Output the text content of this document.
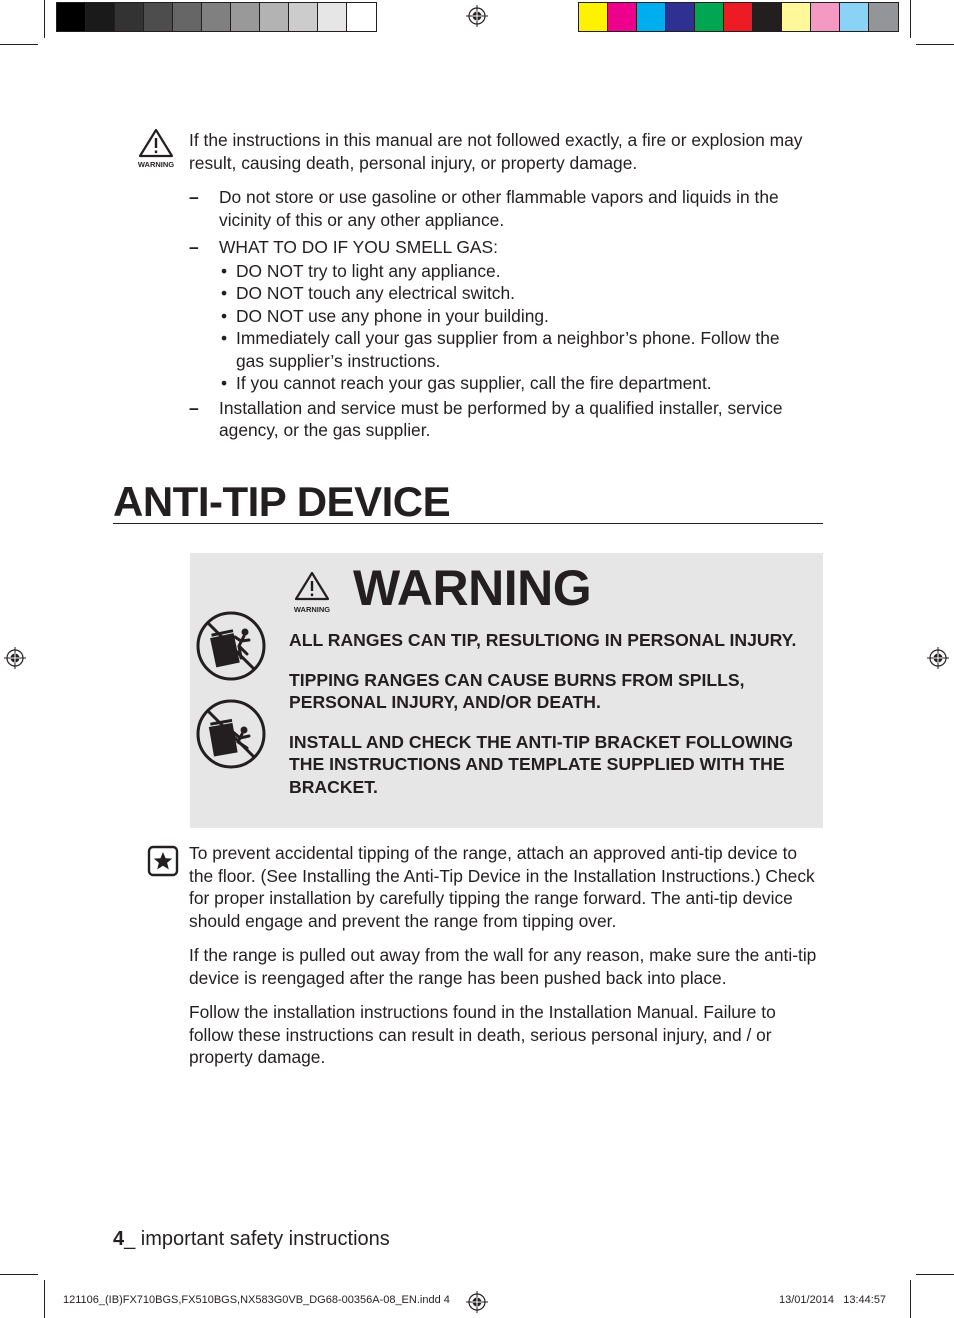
WARNING

If the instructions in this manual are not followed exactly, a fire or explosion may result, causing death, personal injury, or property damage.

– Do not store or use gasoline or other flammable vapors and liquids in the vicinity of this or any other appliance.
– WHAT TO DO IF YOU SMELL GAS:
• DO NOT try to light any appliance.
• DO NOT touch any electrical switch.
• DO NOT use any phone in your building.
• Immediately call your gas supplier from a neighbor’s phone. Follow the gas supplier’s instructions.
• If you cannot reach your gas supplier, call the fire department.
– Installation and service must be performed by a qualified installer, service agency, or the gas supplier.
ANTI-TIP DEVICE
WARNING WARNING

ALL RANGES CAN TIP, RESULTIONG IN PERSONAL INJURY.

TIPPING RANGES CAN CAUSE BURNS FROM SPILLS, PERSONAL INJURY, AND/OR DEATH.

INSTALL AND CHECK THE ANTI-TIP BRACKET FOLLOWING THE INSTRUCTIONS AND TEMPLATE SUPPLIED WITH THE BRACKET.

To prevent accidental tipping of the range, attach an approved anti-tip device to the floor. (See Installing the Anti-Tip Device in the Installation Instructions.) Check for proper installation by carefully tipping the range forward. The anti-tip device should engage and prevent the range from tipping over.

If the range is pulled out away from the wall for any reason, make sure the anti-tip device is reengaged after the range has been pushed back into place.

Follow the installation instructions found in the Installation Manual. Failure to follow these instructions can result in death, serious personal injury, and / or property damage.

4_ important safety instructions
121106_(IB)FX710BGS,FX510BGS,NX583G0VB_DG68-00356A-08_EN.indd 4	13/01/2014 13:44:57
